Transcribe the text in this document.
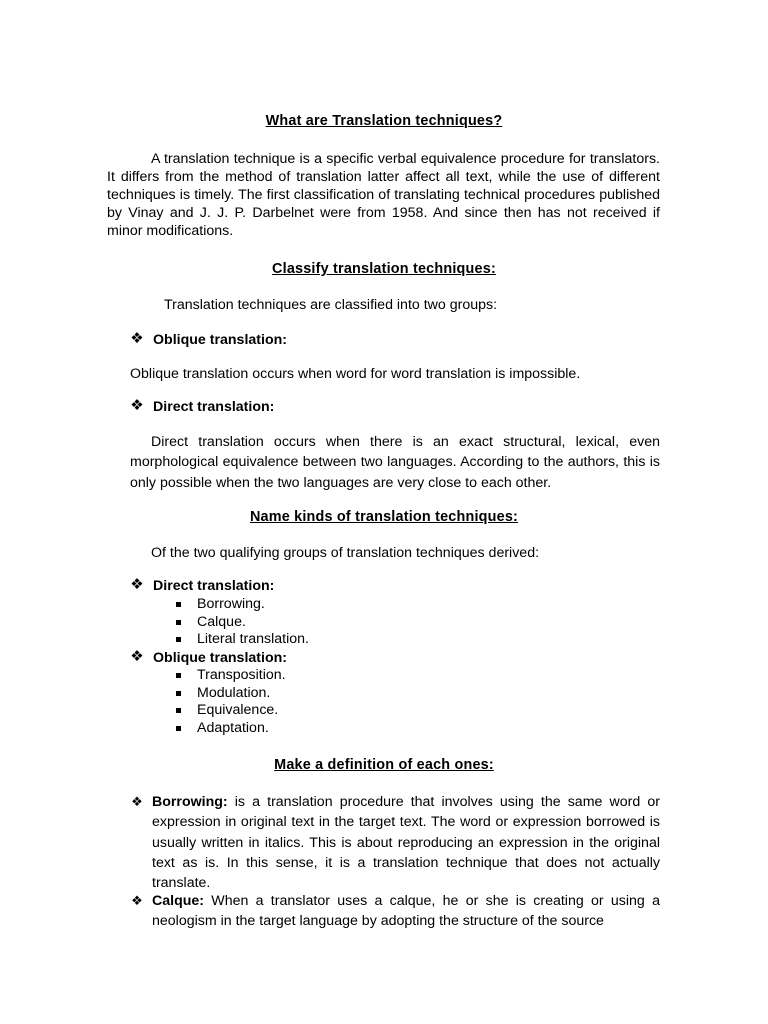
What are Translation techniques?

A translation technique is a specific verbal equivalence procedure for translators. It differs from the method of translation latter affect all text, while the use of different techniques is timely. The first classification of translating technical procedures published by Vinay and J. J. P. Darbelnet were from 1958. And since then has not received if minor modifications.

Classify translation techniques:
Translation techniques are classified into two groups:
❖ Oblique translation:
Oblique translation occurs when word for word translation is impossible.
❖ Direct translation:

Direct translation occurs when there is an exact structural, lexical, even morphological equivalence between two languages. According to the authors, this is only possible when the two languages are very close to each other.

Name kinds of translation techniques:
Of the two qualifying groups of translation techniques derived:
❖ Direct translation:
Borrowing.
Calque.
Literal translation.
❖ Oblique translation:
Transposition.
Modulation.
Equivalence.
Adaptation.
Make a definition of each ones:
❖ Borrowing: is a translation procedure that involves using the same word or expression in original text in the target text. The word or expression borrowed is usually written in italics. This is about reproducing an expression in the original text as is. In this sense, it is a translation technique that does not actually translate.

❖ Calque: When a translator uses a calque, he or she is creating or using a neologism in the target language by adopting the structure of the source
